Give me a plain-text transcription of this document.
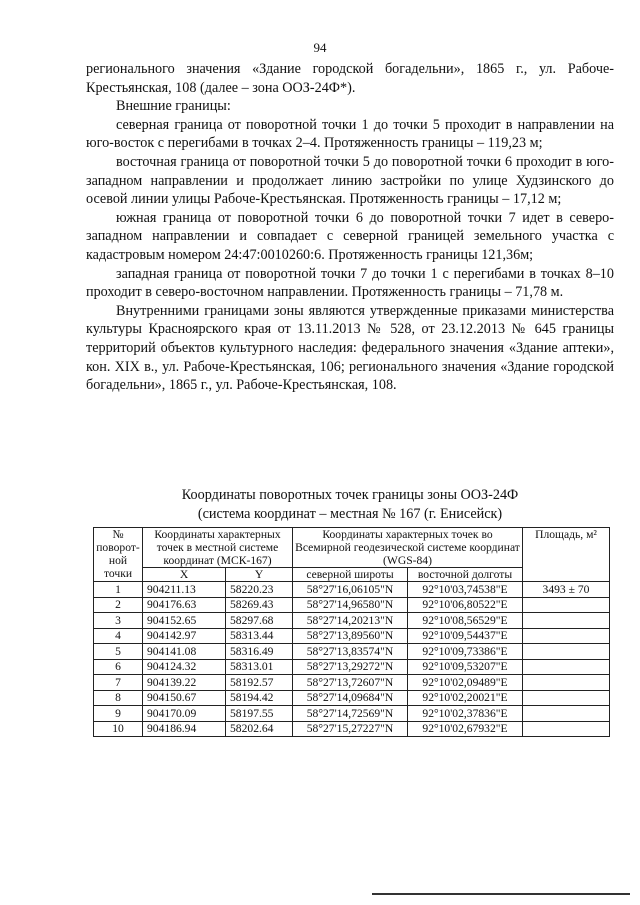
94

регионального значения «Здание городской богадельни», 1865 г., ул. Рабоче-Крестьянская, 108 (далее – зона ООЗ-24Ф*).

Внешние границы:

северная граница от поворотной точки 1 до точки 5 проходит в направлении на юго-восток с перегибами в точках 2–4. Протяженность границы – 119,23 м;

восточная граница от поворотной точки 5 до поворотной точки 6 проходит в юго-западном направлении и продолжает линию застройки по улице Худзинского до осевой линии улицы Рабоче-Крестьянская. Протяженность границы – 17,12 м;

южная граница от поворотной точки 6 до поворотной точки 7 идет в северо-западном направлении и совпадает с северной границей земельного участка с кадастровым номером 24:47:0010260:6. Протяженность границы 121,36м;

западная граница от поворотной точки 7 до точки 1 с перегибами в точках 8–10 проходит в северо-восточном направлении. Протяженность границы – 71,78 м.

Внутренними границами зоны являются утвержденные приказами министерства культуры Красноярского края от 13.11.2013 № 528, от 23.12.2013 № 645 границы территорий объектов культурного наследия: федерального значения «Здание аптеки», кон. XIX в., ул. Рабоче-Крестьянская, 106; регионального значения «Здание городской богадельни», 1865 г., ул. Рабоче-Крестьянская, 108.

Координаты поворотных точек границы зоны ООЗ-24Ф
(система координат – местная № 167 (г. Енисейск)
№ поворот-ной точки	Координаты характерных точек в местной системе координат (МСК-167)		Координаты характерных точек во Всемирной геодезической системе координат (WGS-84)		Площадь, м²
	X	Y	северной широты	восточной долготы	
1	904211.13	58220.23	58°27'16,06105"N	92°10'03,74538"E	3493 ± 70
2	904176.63	58269.43	58°27'14,96580"N	92°10'06,80522"E	
3	904152.65	58297.68	58°27'14,20213"N	92°10'08,56529"E	
4	904142.97	58313.44	58°27'13,89560"N	92°10'09,54437"E	
5	904141.08	58316.49	58°27'13,83574"N	92°10'09,73386"E	
6	904124.32	58313.01	58°27'13,29272"N	92°10'09,53207"E	
7	904139.22	58192.57	58°27'13,72607"N	92°10'02,09489"E	
8	904150.67	58194.42	58°27'14,09684"N	92°10'02,20021"E	
9	904170.09	58197.55	58°27'14,72569"N	92°10'02,37836"E	
10	904186.94	58202.64	58°27'15,27227"N	92°10'02,67932"E	
